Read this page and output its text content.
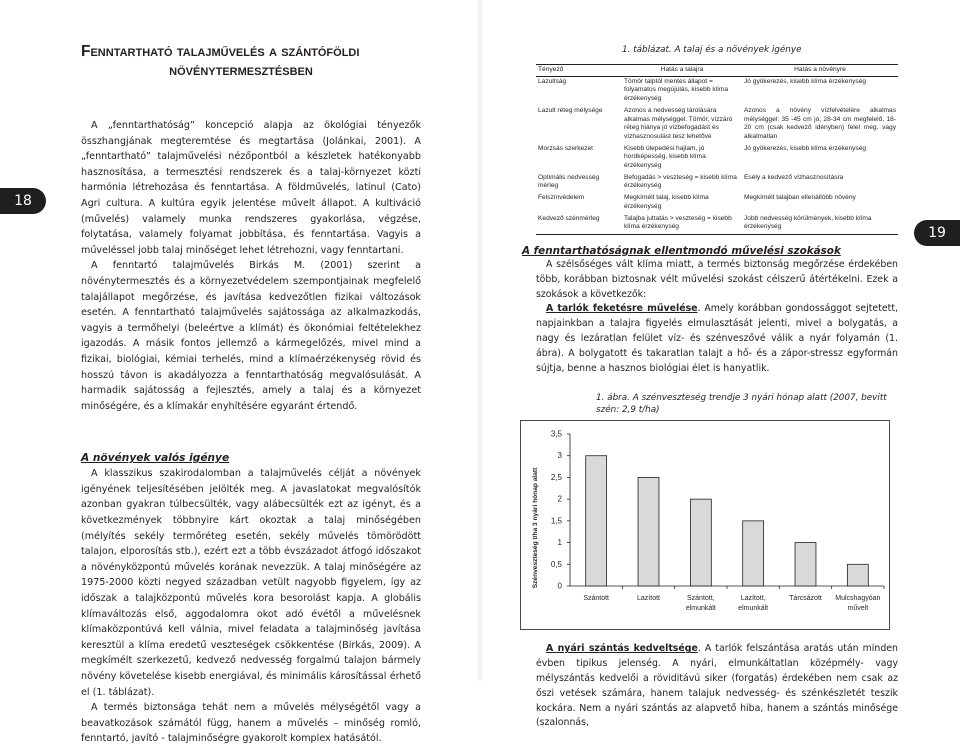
18
Fenntartható talajművelés a szántóföldi
növénytermesztésben

A „fenntarthatóság” koncepció alapja az ökológiai tényezők összhangjának megteremtése és megtartása (Jolánkai, 2001). A „fenntartható” talajművelési nézőpontból a készletek hatékonyabb hasznosítása, a termesztési rendszerek és a talaj-környezet közti harmónia létrehozása és fenntartása. A földművelés, latinul (Cato) Agri cultura. A kultúra egyik jelentése művelt állapot. A kultiváció (művelés) valamely munka rendszeres gyakorlása, végzése, folytatása, valamely folyamat jobbítása, és fenntartása. Vagyis a műveléssel jobb talaj minőséget lehet létrehozni, vagy fenntartani.

A fenntartó talajművelés Birkás M. (2001) szerint a növénytermesztés és a környezetvédelem szempontjainak megfelelő talajállapot megőrzése, és javítása kedvezőtlen fizikai változások esetén. A fenntartható talajművelés sajátossága az alkalmazkodás, vagyis a termőhelyi (beleértve a klímát) és ökonómiai feltételekhez igazodás. A másik fontos jellemző a kármegelőzés, mivel mind a fizikai, biológiai, kémiai terhelés, mind a klímaérzékenység rövid és hosszú távon is akadályozza a fenntarthatóság megvalósulását. A harmadik sajátosság a fejlesztés, amely a talaj és a környezet minőségére, és a klímakár enyhítésére egyaránt értendő.

A növények valós igénye

A klasszikus szakirodalomban a talajművelés célját a növények igényének teljesítésében jelölték meg. A javaslatokat megvalósítók azonban gyakran túlbecsülték, vagy alábecsülték ezt az igényt, és a következmények többnyire kárt okoztak a talaj minőségében (mélyítés sekély termőréteg esetén, sekély művelés tömörödött talajon, elporosítás stb.), ezért ezt a több évszázadot átfogó időszakot a növényközpontú művelés korának nevezzük. A talaj minőségére az 1975-2000 közti negyed században vetült nagyobb figyelem, így az időszak a talajközpontú művelés kora besorolást kapja. A globális klímaváltozás első, aggodalomra okot adó évétől a művelésnek klímaközpontúvá kell válnia, mivel feladata a talajminőség javítása keresztül a klíma eredetű veszteségek csökkentése (Birkás, 2009). A megkímélt szerkezetű, kedvező nedvesség forgalmú talajon bármely növény követelése kisebb energiával, és minimális károsítással érhető el (1. táblázat).

A termés biztonsága tehát nem a művelés mélységétől vagy a beavatkozások számától függ, hanem a művelés – minőség romló, fenntartó, javító - talajminőségre gyakorolt komplex hatásától.

19
1. táblázat. A talaj és a növények igénye
Tényező	Hatás a talajra	Hatás a növényre
Lazultság	Tömör talptól mentes állapot = folyamatos megújulás, kisebb klíma érzékenység	Jó gyökerezés, kisebb klíma érzékenység
Lazult réteg mélysége	Azonos a nedvesség tárolására alkalmas mélységgel. Tömör, vízzáró réteg hiánya jó vízbefogadást és vízhasznosulást tesz lehetővé	Azonos a növény vízfelvételére alkalmas mélységgel: 35 -45 cm jó, 28-34 cm megfelelő, 18-20 cm (csak kedvező idényben) felel meg, vagy alkalmatlan
Morzsás szerkezet	Kisebb ülepedési hajlam, jó hordképesség, kisebb klíma érzékenység	Jó gyökerezés, kisebb klíma érzékenység
Optimális nedvesség mérleg	Befogadás > veszteség = kisebb klíma érzékenység	Esély a kedvező vízhasznosításra
Felszínvédelem	Megkímélt talaj, kisebb klíma érzékenység	Megkímélt talajban ellenállóbb növény
Kedvező szénmérleg	Talajba juttatás > veszteség = kisebb klíma érzékenység	Jobb nedvesség körülmények, kisebb klíma érzékenység
A fenntarthatóságnak ellentmondó művelési szokások

A szélsőséges vált klíma miatt, a termés biztonság megőrzése érdekében több, korábban biztosnak vélt művelési szokást célszerű átértékelni. Ezek a szokások a következők:

A tarlók feketésre művelése. Amely korábban gondossággot sejtetett, napjainkban a talajra figyelés elmulasztását jelenti, mivel a bolygatás, a nagy és lezáratlan felület víz- és szénveszővé válik a nyár folyamán (1. ábra). A bolygatott és takaratlan talajt a hő- és a zápor-stressz egyformán sújtja, benne a hasznos biológiai élet is hanyatlik.

1. ábra. A szénveszteség trendje 3 nyári hónap alatt (2007, bevitt szén: 2,9 t/ha)
0
0,5
1
1,5
2
2,5
3
3,5
Szénveszteség t/ha 3 nyári hónap alatt
Szántott	Lazított	Szántott,
elmunkált
Lazított,
elmunkált
Tárcsázott Mulcshagyóan
művelt

A nyári szántás kedveltsége. A tarlók felszántása aratás után minden évben tipikus jelenség. A nyári, elmunkáltatlan középmély- vagy mélyszántás kedvelői a röviditávú siker (forgatás) érdekében nem csak az őszi vetések számára, hanem talajuk nedvesség- és szénkészletét teszik kockára. Nem a nyári szántás az alapvető hiba, hanem a szántás minősége (szalonnás,
